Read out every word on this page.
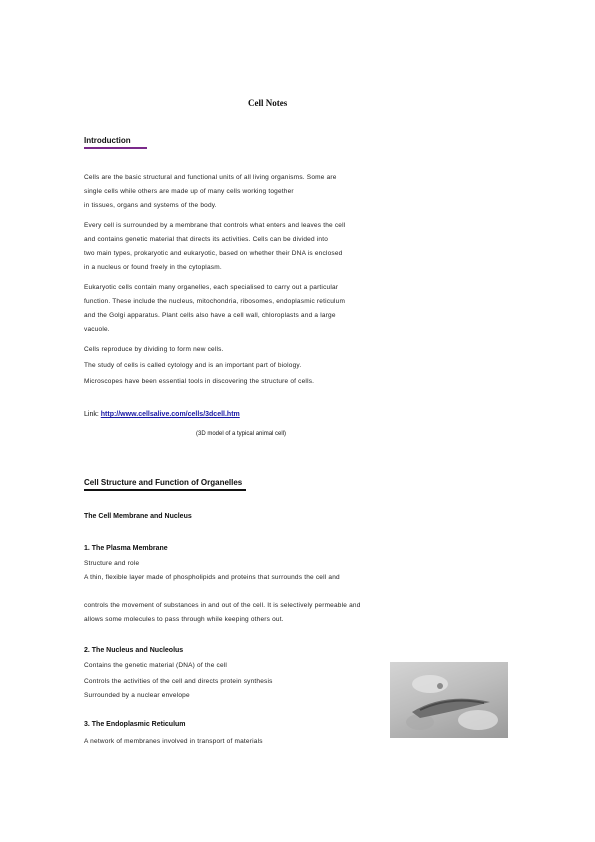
Cell Notes
Introduction
Cells are the basic structural and functional units of all living organisms. Some are
single cells while others are made up of many cells working together
in tissues, organs and systems of the body.
Every cell is surrounded by a membrane that controls what enters and leaves the cell
and contains genetic material that directs its activities. Cells can be divided into
two main types, prokaryotic and eukaryotic, based on whether their DNA is enclosed
in a nucleus or found freely in the cytoplasm.
Eukaryotic cells contain many organelles, each specialised to carry out a particular
function. These include the nucleus, mitochondria, ribosomes, endoplasmic reticulum
and the Golgi apparatus. Plant cells also have a cell wall, chloroplasts and a large
vacuole.
Cells reproduce by dividing to form new cells.
The study of cells is called cytology and is an important part of biology.
Microscopes have been essential tools in discovering the structure of cells.
Link: http://www.cellsalive.com/cells/3dcell.htm
(3D model of a typical animal cell)
Cell Structure and Function of Organelles
The Cell Membrane and Nucleus
1. The Plasma Membrane
Structure and role
A thin, flexible layer made of phospholipids and proteins that surrounds the cell and
controls the movement of substances in and out of the cell. It is selectively permeable and
allows some molecules to pass through while keeping others out.
2. The Nucleus and Nucleolus
Contains the genetic material (DNA) of the cell
Controls the activities of the cell and directs protein synthesis
Surrounded by a nuclear envelope
3. The Endoplasmic Reticulum
A network of membranes involved in transport of materials
